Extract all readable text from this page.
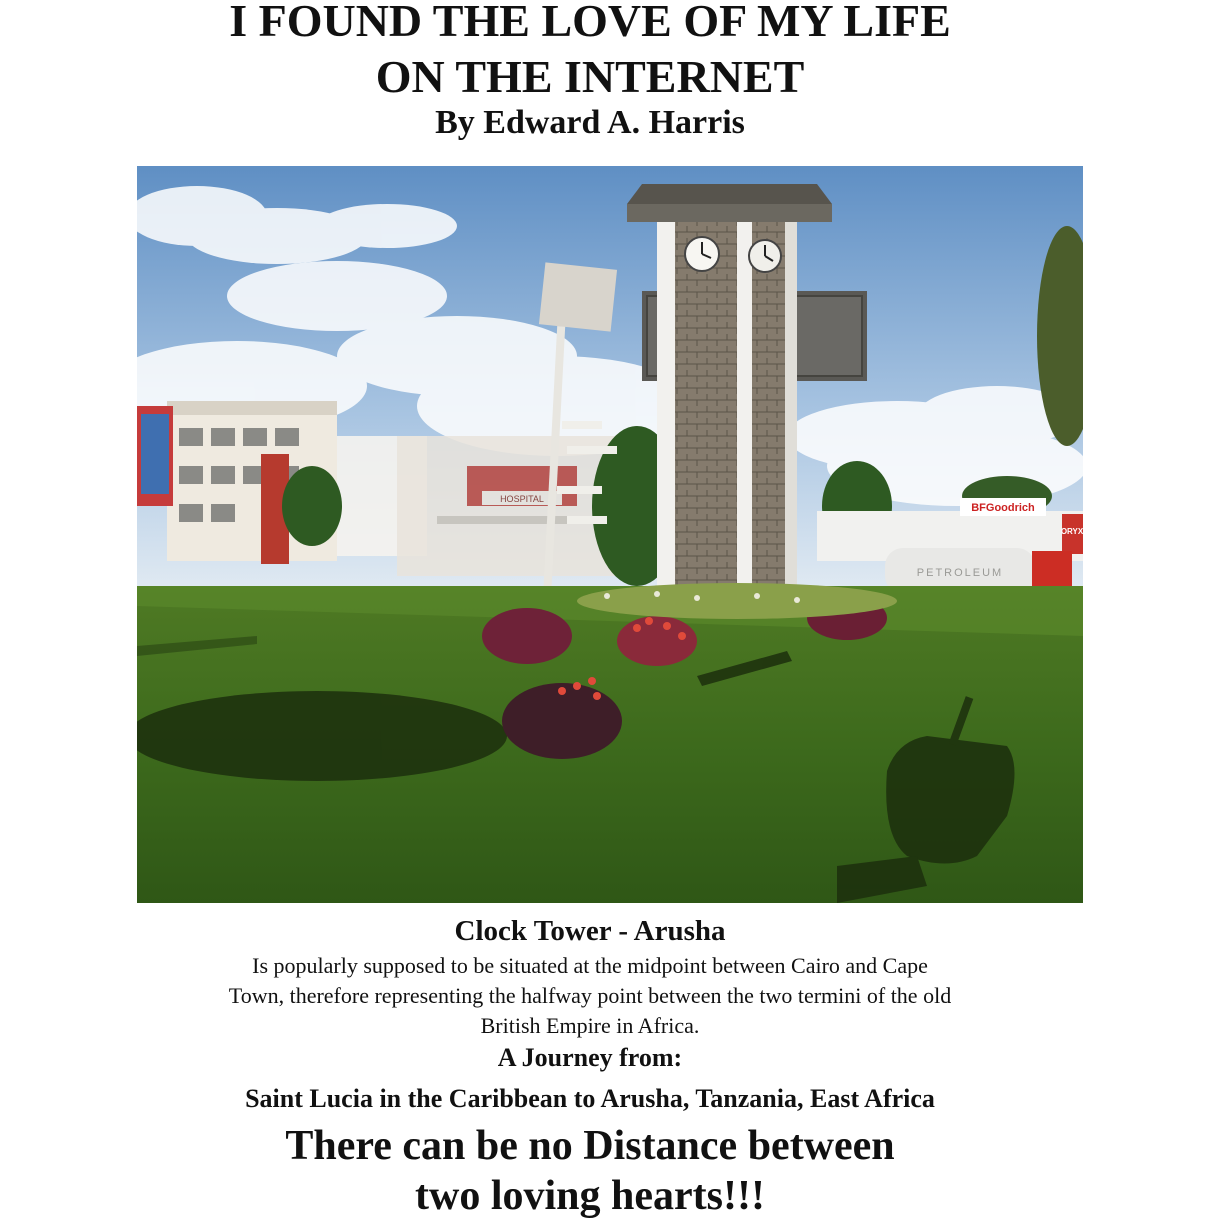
I FOUND THE LOVE OF MY LIFE
ON THE INTERNET
By Edward A. Harris
HOSPITAL
BFGoodrich
ORYX
PETROLEUM
Clock Tower - Arusha
Is popularly supposed to be situated at the midpoint between Cairo and Cape
Town, therefore representing the halfway point between the two termini of the old
British Empire in Africa.
A Journey from:
Saint Lucia in the Caribbean to Arusha, Tanzania, East Africa
There can be no Distance between
two loving hearts!!!
